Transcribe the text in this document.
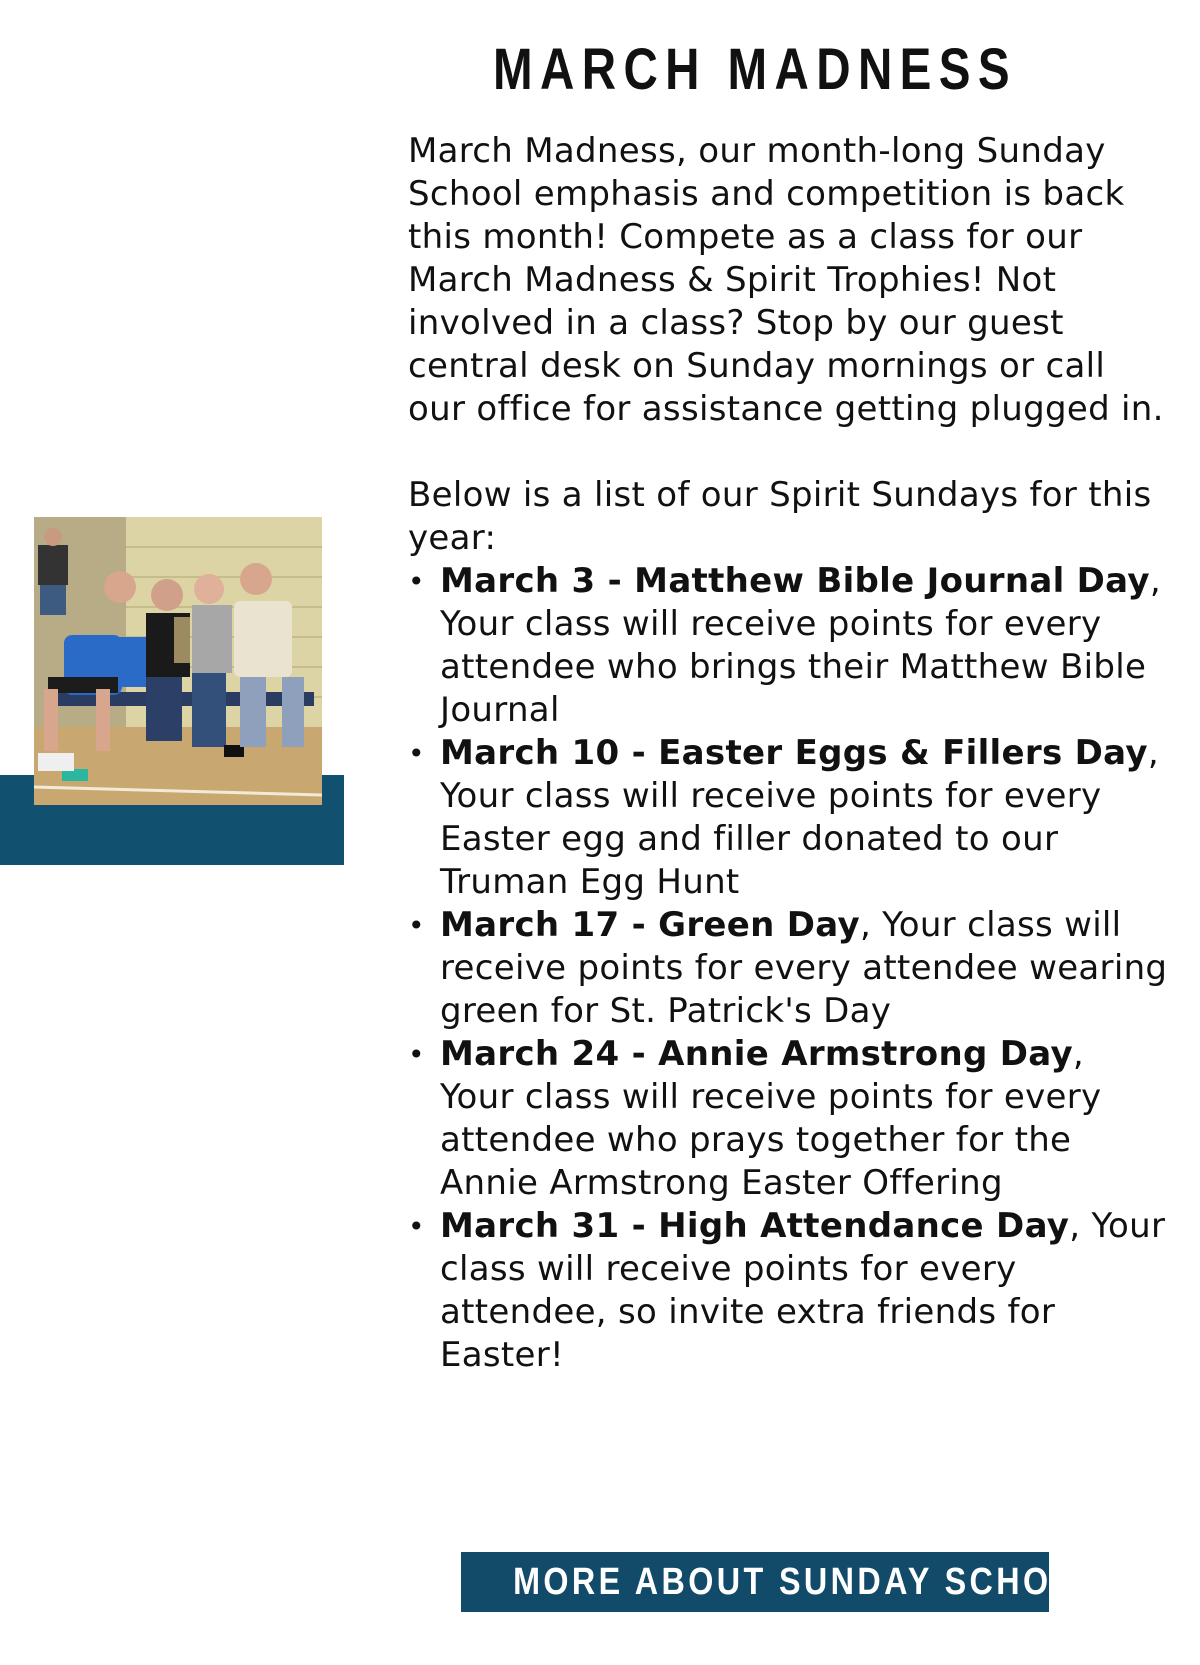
MARCH MADNESS

March Madness, our month-long Sunday School emphasis and competition is back this month! Compete as a class for our March Madness & Spirit Trophies! Not involved in a class? Stop by our guest central desk on Sunday mornings or call our office for assistance getting plugged in.

Below is a list of our Spirit Sundays for this year:

• March 3 - Matthew Bible Journal Day, Your class will receive points for every attendee who brings their Matthew Bible Journal
• March 10 - Easter Eggs & Fillers Day, Your class will receive points for every Easter egg and filler donated to our Truman Egg Hunt
• March 17 - Green Day, Your class will receive points for every attendee wearing green for St. Patrick's Day
• March 24 - Annie Armstrong Day, Your class will receive points for every attendee who prays together for the Annie Armstrong Easter Offering
• March 31 - High Attendance Day, Your class will receive points for every attendee, so invite extra friends for Easter!
MORE ABOUT SUNDAY SCHOOL
